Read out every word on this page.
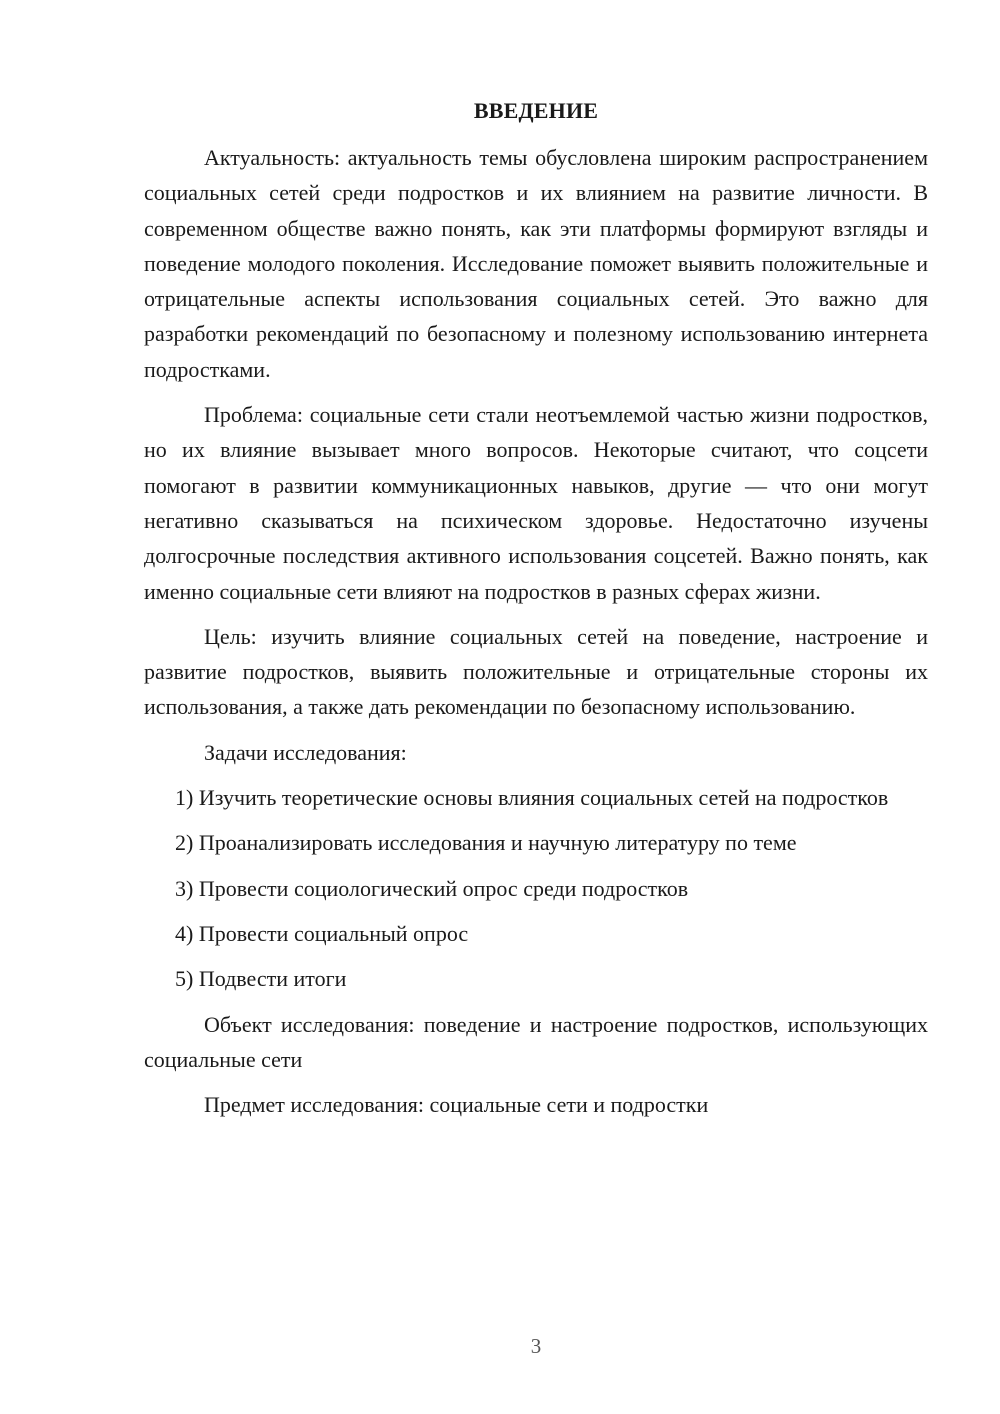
ВВЕДЕНИЕ

Актуальность: актуальность темы обусловлена широким распространением социальных сетей среди подростков и их влиянием на развитие личности. В современном обществе важно понять, как эти платформы формируют взгляды и поведение молодого поколения. Исследование поможет выявить положительные и отрицательные аспекты использования социальных сетей. Это важно для разработки рекомендаций по безопасному и полезному использованию интернета подростками.

Проблема: социальные сети стали неотъемлемой частью жизни подростков, но их влияние вызывает много вопросов. Некоторые считают, что соцсети помогают в развитии коммуникационных навыков, другие — что они могут негативно сказываться на психическом здоровье. Недостаточно изучены долгосрочные последствия активного использования соцсетей. Важно понять, как именно социальные сети влияют на подростков в разных сферах жизни.

Цель: изучить влияние социальных сетей на поведение, настроение и развитие подростков, выявить положительные и отрицательные стороны их использования, а также дать рекомендации по безопасному использованию.

Задачи исследования:

1) Изучить теоретические основы влияния социальных сетей на подростков

2) Проанализировать исследования и научную литературу по теме

3) Провести социологический опрос среди подростков

4) Провести социальный опрос

5) Подвести итоги

Объект исследования: поведение и настроение подростков, использующих социальные сети

Предмет исследования: социальные сети и подростки

3
